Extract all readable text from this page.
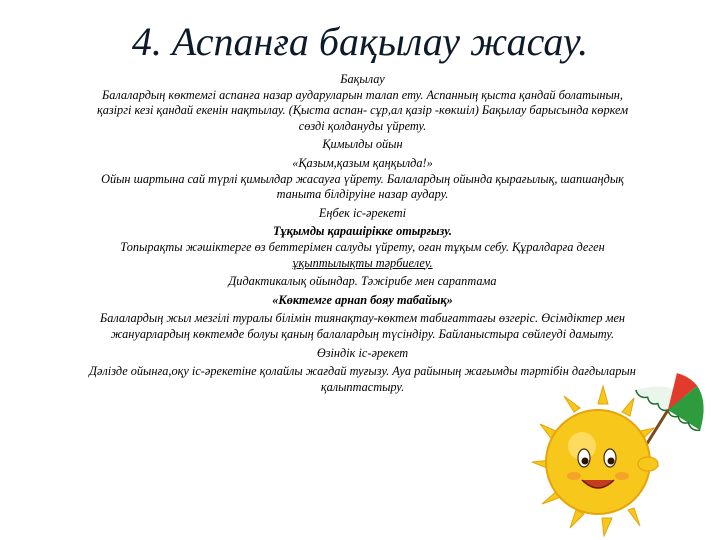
4. Аспанға бақылау жасау.

Бақылау

Балалардың көктемгі аспанға назар аударуларын талап ету. Аспанның қыста қандай болатынын,

қазіргі кезі қандай екенін нақтылау. (Қыста аспан- сұр,ал қазір -көкшіл) Бақылау барысында көркем

сөзді қолдануды үйрету.

Қимылды ойын

«Қазым,қазым қаңқылда!»

Ойын шартына сай түрлі қимылдар жасауға үйрету. Балалардың ойында қырағылық, шапшаңдық

танытa білдіруіне назар аудару.

Еңбек іс-әрекеті

Тұқымды қарашірікке отырғызу.

Топырақты жәшіктерге өз беттерімен салуды үйрету, оған тұқым себу. Құралдарға деген

ұқыптылықты тәрбиелеу.

Дидактикалық ойындар. Тәжірибе мен сараптама

«Көктемге арнап бояу табайық»

Балалардың жыл мезгілі туралы білімін тиянақтау-көктем табиғаттағы өзгеріс. Өсімдіктер мен

жануарлардың көктемде болуы қаның балалардың түсіндіру. Байланыстыра сөйлеуді дамыту.

Өзіндік іс-әрекет

Дәлізде ойынға,оқу іс-әрекетіне қолайлы жағдай туғызу. Ауа райының жағымды тәртібін дағдыларын

қалыптастыру.
